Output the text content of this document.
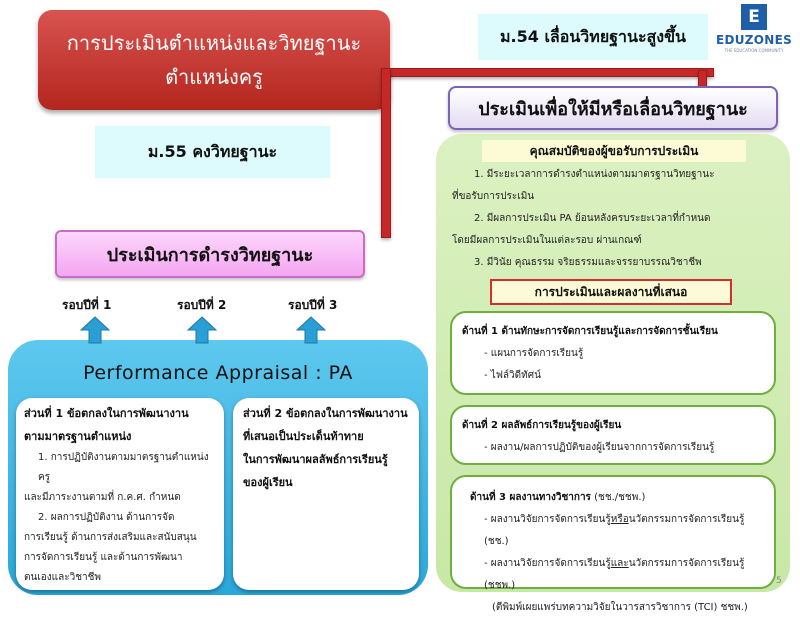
การประเมินตำแหน่งและวิทยฐานะ
ตำแหน่งครู
ม.54 เลื่อนวิทยฐานะสูงขึ้น
E
EDUZONES
THE EDUCATION COMMUNITY
ม.55 คงวิทยฐานะ
ประเมินเพื่อให้มีหรือเลื่อนวิทยฐานะ
คุณสมบัติของผู้ขอรับการประเมิน
1. มีระยะเวลาการดำรงตำแหน่งตามมาตรฐานวิทยฐานะ
ที่ขอรับการประเมิน
2. มีผลการประเมิน PA ย้อนหลังครบระยะเวลาที่กำหนด
โดยมีผลการประเมินในแต่ละรอบ ผ่านเกณฑ์
3. มีวินัย คุณธรรม จริยธรรมและจรรยาบรรณวิชาชีพ
การประเมินและผลงานที่เสนอ
ด้านที่ 1 ด้านทักษะการจัดการเรียนรู้และการจัดการชั้นเรียน
- แผนการจัดการเรียนรู้
- ไฟล์วิดีทัศน์
ด้านที่ 2 ผลลัพธ์การเรียนรู้ของผู้เรียน
- ผลงาน/ผลการปฏิบัติของผู้เรียนจากการจัดการเรียนรู้
ด้านที่ 3 ผลงานทางวิชาการ (ชช./ชชพ.)
- ผลงานวิจัยการจัดการเรียนรู้หรือนวัตกรรมการจัดการเรียนรู้ (ชช.)
- ผลงานวิจัยการจัดการเรียนรู้และนวัตกรรมการจัดการเรียนรู้ (ชชพ.)
(ตีพิมพ์เผยแพร่บทความวิจัยในวารสารวิชาการ (TCI) ชชพ.)
ประเมินการดำรงวิทยฐานะ
รอบปีที่ 1	รอบปีที่ 2	รอบปีที่ 3
Performance Appraisal : PA
ส่วนที่ 1 ข้อตกลงในการพัฒนางาน
ตามมาตรฐานตำแหน่ง
1. การปฏิบัติงานตามมาตรฐานตำแหน่งครู
และมีภาระงานตามที่ ก.ค.ศ. กำหนด
2. ผลการปฏิบัติงาน ด้านการจัด
การเรียนรู้ ด้านการส่งเสริมและสนับสนุน
การจัดการเรียนรู้ และด้านการพัฒนา
ตนเองและวิชาชีพ
ส่วนที่ 2 ข้อตกลงในการพัฒนางาน
ที่เสนอเป็นประเด็นท้าทาย
ในการพัฒนาผลลัพธ์การเรียนรู้
ของผู้เรียน
5
